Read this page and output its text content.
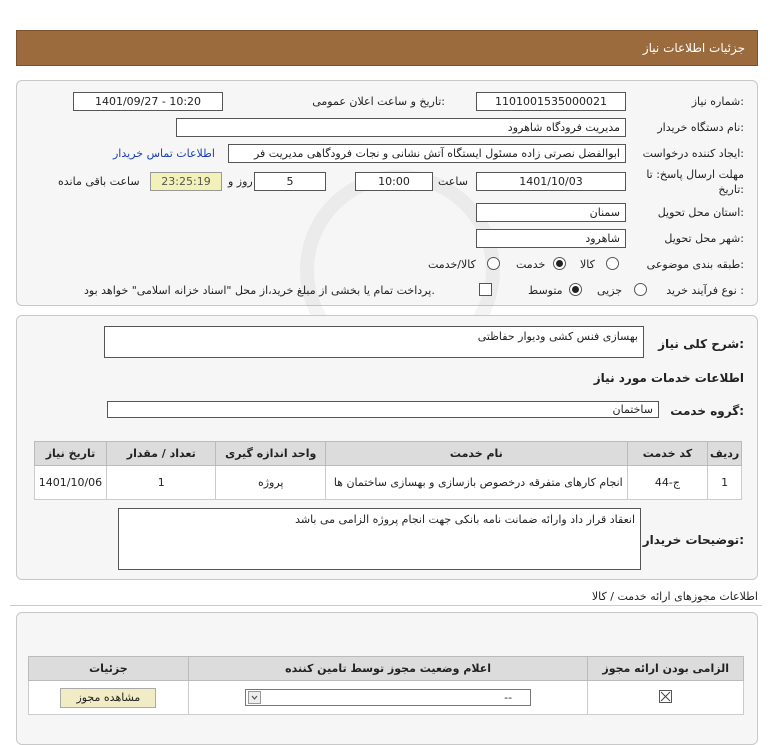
جزئیات اطلاعات نیاز
شماره نیاز:
1101001535000021
تاریخ و ساعت اعلان عمومی:
1401/09/27 - 10:20
نام دستگاه خریدار:
مدیریت فرودگاه شاهرود
ایجاد کننده درخواست:
ابوالفضل نصرتی زاده مسئول ایستگاه آتش نشانی و نجات فرودگاهی مدیریت فر
اطلاعات تماس خریدار
مهلت ارسال پاسخ: تا تاریخ:
1401/10/03
ساعت
10:00
5
روز و
23:25:19
ساعت باقی مانده
استان محل تحویل:
سمنان
شهر محل تحویل:
شاهرود
طبقه بندی موضوعی:
کالا
خدمت
کالا/خدمت
نوع فرآیند خرید :
جزیی
متوسط
پرداخت تمام یا بخشی از مبلغ خرید،از محل "اسناد خزانه اسلامی" خواهد بود.
شرح کلی نیاز:
بهسازی فنس کشی ودیوار حفاظتی
اطلاعات خدمات مورد نیاز
گروه خدمت:
ساختمان
تاریخ نیاز	تعداد / مقدار	واحد اندازه گیری	نام خدمت	کد خدمت	ردیف
1401/10/06	1	پروژه	انجام کارهای متفرقه درخصوص بازسازی و بهسازی ساختمان ها	ج-44	1
توضیحات خریدار:
انعقاد قرار داد وارائه ضمانت نامه بانکی جهت انجام پروژه الزامی می باشد
اطلاعات مجوزهای ارائه خدمت / کالا
جزئیات	اعلام وضعیت مجوز توسط تامین کننده	الزامی بودن ارائه مجوز

مشاهده مجوز	--
